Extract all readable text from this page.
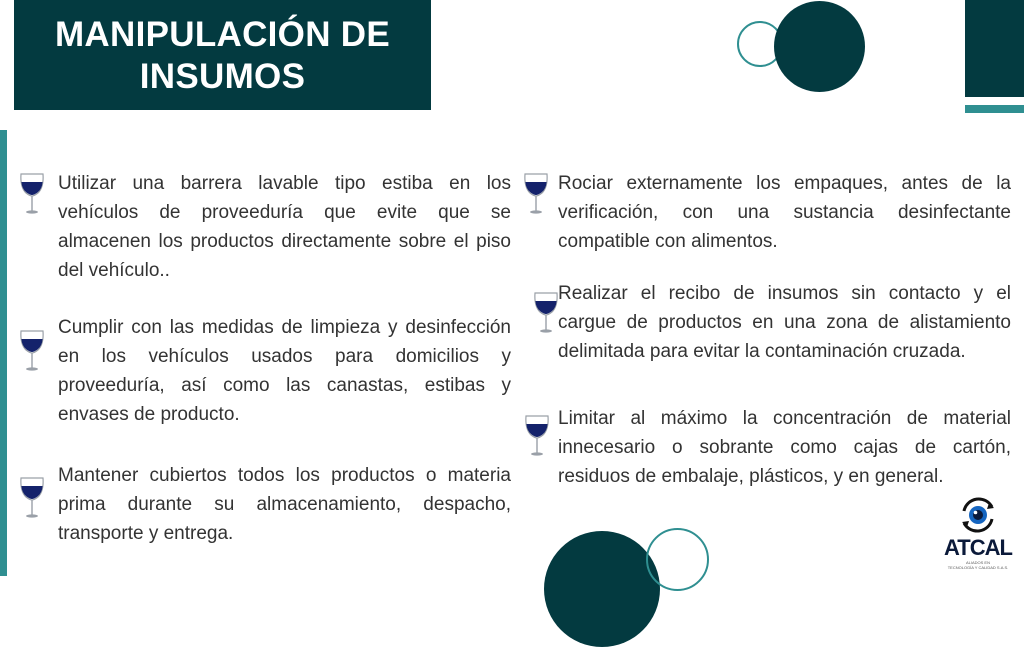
MANIPULACIÓN DE
INSUMOS
Utilizar una barrera lavable tipo estiba en los vehículos de proveeduría que evite que se almacenen los productos directamente sobre el piso del vehículo..
Cumplir con las medidas de limpieza y desinfección en los vehículos usados para domicilios y proveeduría, así como las canastas, estibas y envases de producto.
Mantener cubiertos todos los productos o materia prima durante su almacenamiento, despacho, transporte y entrega.
Rociar externamente los empaques, antes de la verificación, con una sustancia desinfectante compatible con alimentos.
Realizar el recibo de insumos sin contacto y el cargue de productos en una zona de alistamiento delimitada para evitar la contaminación cruzada.
Limitar al máximo la concentración de material innecesario o sobrante como cajas de cartón, residuos de embalaje, plásticos, y en general.
ATCAL
ALIADOS EN
TECNOLOGÍA Y CALIDAD S.A.S.
